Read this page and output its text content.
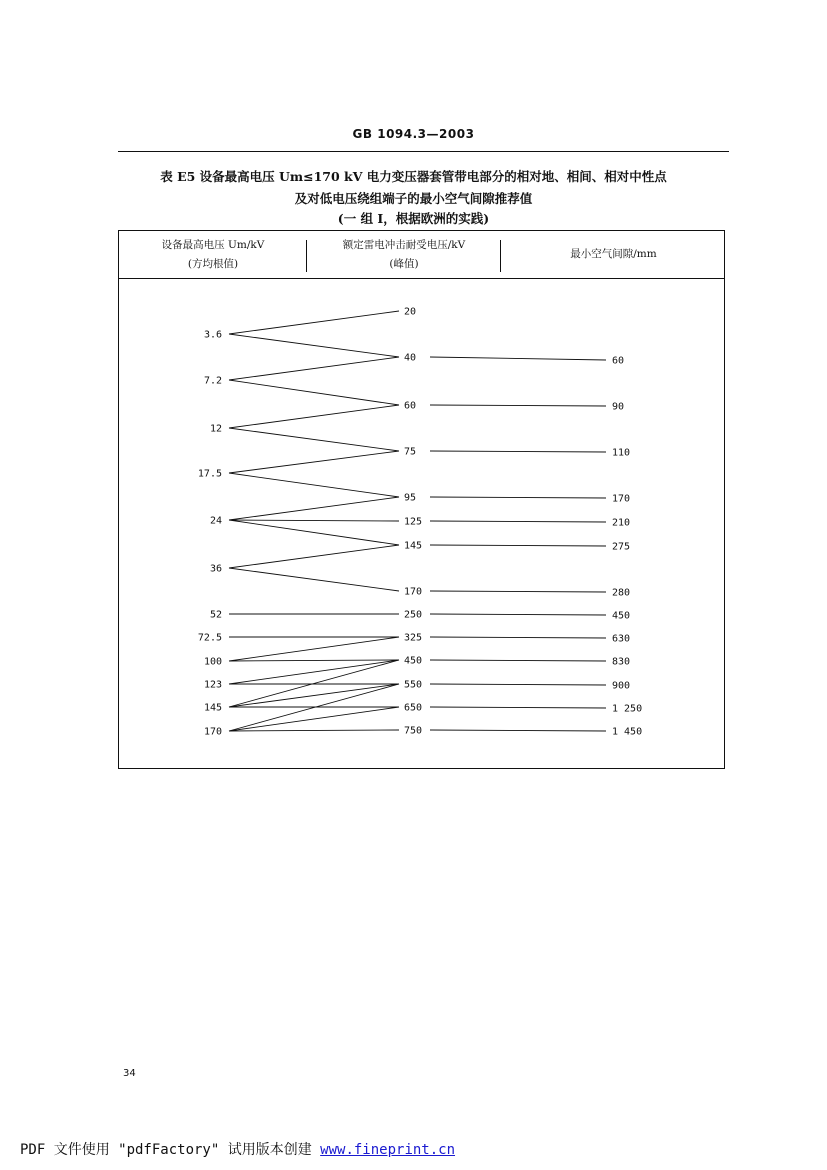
GB 1094.3—2003
表 E5 设备最高电压 Um≤170 kV 电力变压器套管带电部分的相对地、相间、相对中性点
及对低电压绕组端子的最小空气间隙推荐值
(一 组 I，根据欧洲的实践)
设备最高电压 Um/kV
(方均根值)
额定雷电冲击耐受电压/kV
(峰值)
最小空气间隙/mm
3.6
7.2
12
17.5
24
36
52
72.5
100
123
145
170
20
40
60
75
95
125
145
170
250
325
450
550
650
750
60
90
110
170
210
275
280
450
630
830
900
1 250
1 450
34
PDF 文件使用 "pdfFactory" 试用版本创建 www.fineprint.cn
